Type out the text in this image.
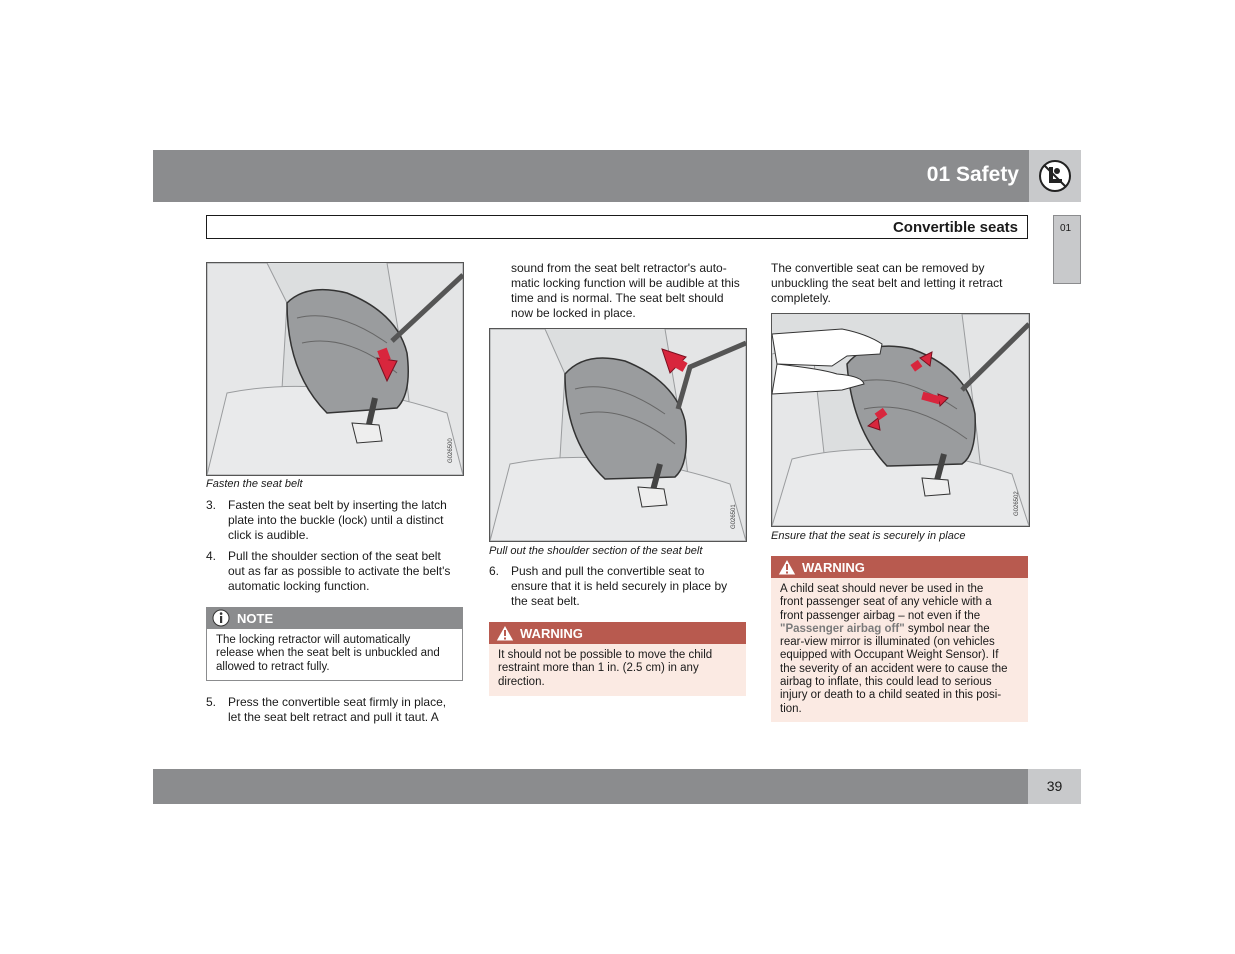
01 Safety
Convertible seats	01
G026500
Fasten the seat belt
3. Fasten the seat belt by inserting the latch
plate into the buckle (lock) until a distinct
click is audible.
4. Pull the shoulder section of the seat belt
out as far as possible to activate the belt's
automatic locking function.
NOTE
The locking retractor will automatically
release when the seat belt is unbuckled and
allowed to retract fully.
5. Press the convertible seat firmly in place,
let the seat belt retract and pull it taut. A
sound from the seat belt retractor's auto-
matic locking function will be audible at this
time and is normal. The seat belt should
now be locked in place.
G026501
Pull out the shoulder section of the seat belt
6. Push and pull the convertible seat to
ensure that it is held securely in place by
the seat belt.
WARNING
It should not be possible to move the child
restraint more than 1 in. (2.5 cm) in any
direction.
The convertible seat can be removed by
unbuckling the seat belt and letting it retract
completely.
G026502
Ensure that the seat is securely in place
WARNING
A child seat should never be used in the
front passenger seat of any vehicle with a
front passenger airbag – not even if the
"Passenger airbag off" symbol near the
rear-view mirror is illuminated (on vehicles
equipped with Occupant Weight Sensor). If
the severity of an accident were to cause the
airbag to inflate, this could lead to serious
injury or death to a child seated in this posi-
tion.
39
